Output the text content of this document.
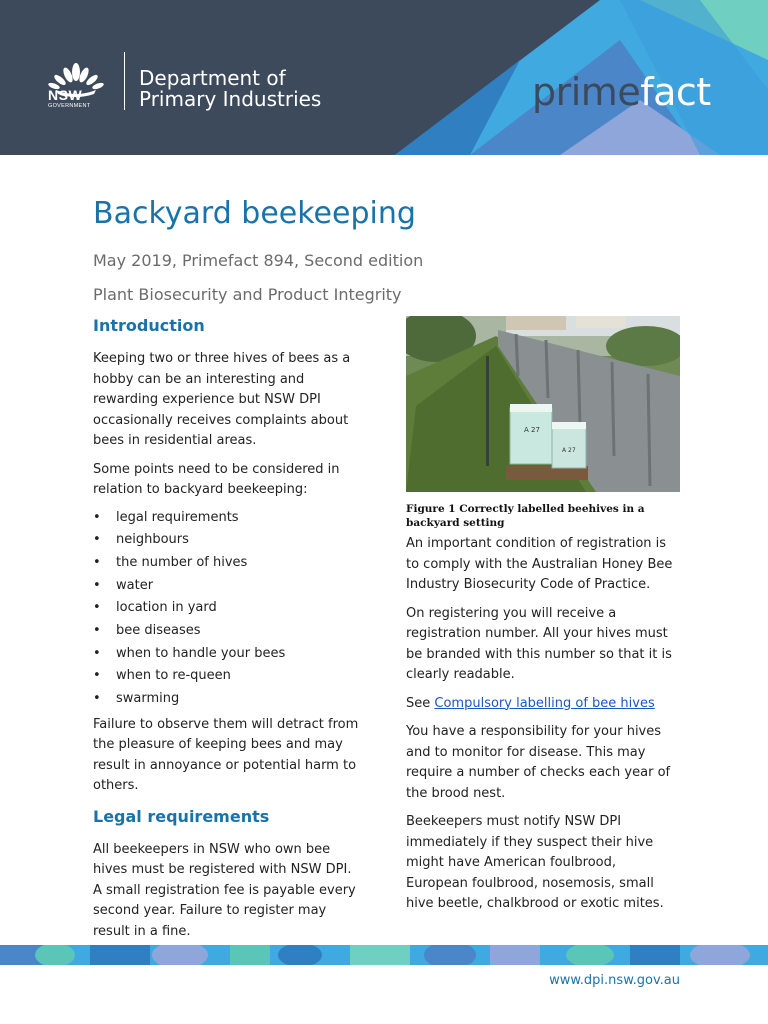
NSW
GOVERNMENT
Department of
Primary Industries	primefact
Backyard beekeeping

May 2019, Primefact 894, Second edition

Plant Biosecurity and Product Integrity

Introduction

Keeping two or three hives of bees as a hobby can be an interesting and rewarding experience but NSW DPI occasionally receives complaints about bees in residential areas.

Some points need to be considered in relation to backyard beekeeping:

• legal requirements
• neighbours
• the number of hives
• water
• location in yard
• bee diseases
• when to handle your bees
• when to re-queen
• swarming

Failure to observe them will detract from the pleasure of keeping bees and may result in annoyance or potential harm to others.

Legal requirements

All beekeepers in NSW who own bee hives must be registered with NSW DPI. A small registration fee is payable every second year. Failure to register may result in a fine.

A 27
A 27

Figure 1 Correctly labelled beehives in a backyard setting

An important condition of registration is to comply with the Australian Honey Bee Industry Biosecurity Code of Practice.

On registering you will receive a registration number. All your hives must be branded with this number so that it is clearly readable.

See Compulsory labelling of bee hives

You have a responsibility for your hives and to monitor for disease. This may require a number of checks each year of the brood nest.

Beekeepers must notify NSW DPI immediately if they suspect their hive might have American foulbrood, European foulbrood, nosemosis, small hive beetle, chalkbrood or exotic mites.

www.dpi.nsw.gov.au
